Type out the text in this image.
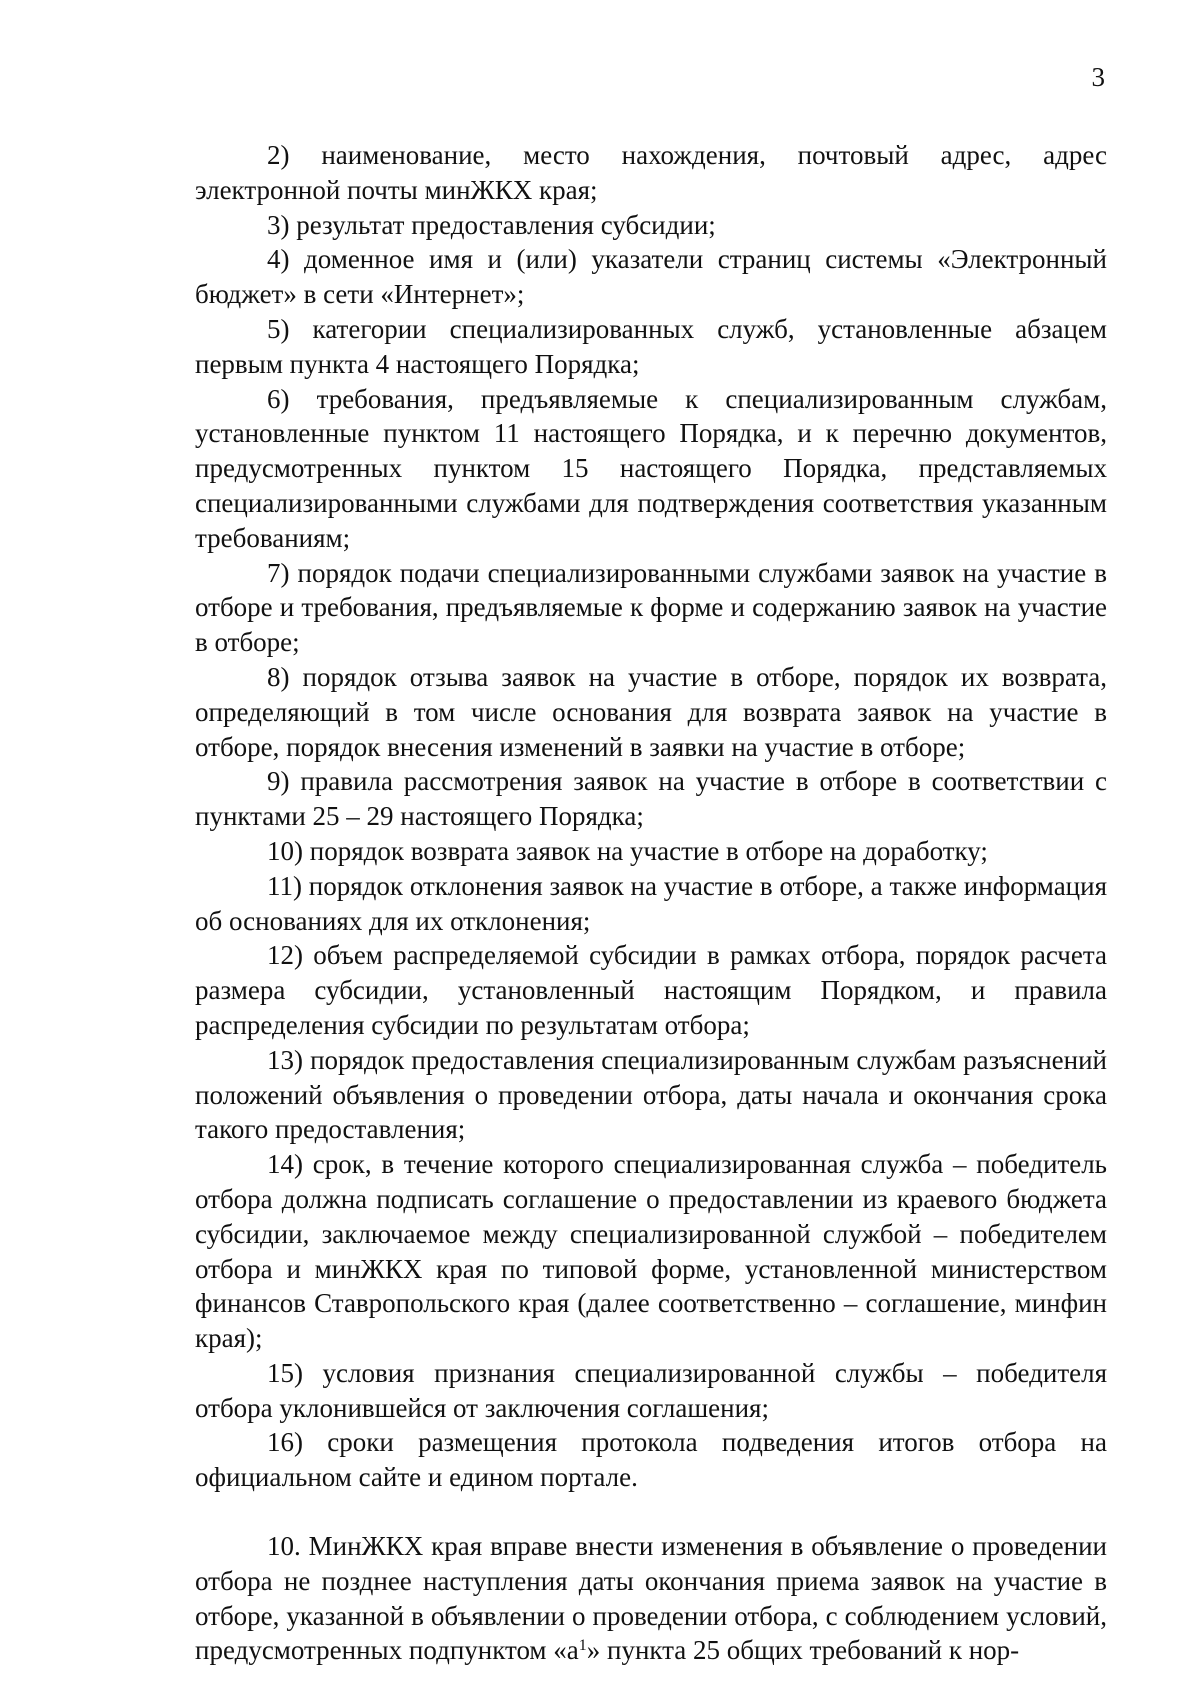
3

2) наименование, место нахождения, почтовый адрес, адрес электронной почты минЖКХ края;

3) результат предоставления субсидии;

4) доменное имя и (или) указатели страниц системы «Электронный бюджет» в сети «Интернет»;

5) категории специализированных служб, установленные абзацем первым пункта 4 настоящего Порядка;

6) требования, предъявляемые к специализированным службам, установленные пунктом 11 настоящего Порядка, и к перечню документов, предусмотренных пунктом 15 настоящего Порядка, представляемых специализированными службами для подтверждения соответствия указанным требованиям;

7) порядок подачи специализированными службами заявок на участие в отборе и требования, предъявляемые к форме и содержанию заявок на участие в отборе;

8) порядок отзыва заявок на участие в отборе, порядок их возврата, определяющий в том числе основания для возврата заявок на участие в отборе, порядок внесения изменений в заявки на участие в отборе;

9) правила рассмотрения заявок на участие в отборе в соответствии с пунктами 25 – 29 настоящего Порядка;

10) порядок возврата заявок на участие в отборе на доработку;

11) порядок отклонения заявок на участие в отборе, а также информация об основаниях для их отклонения;

12) объем распределяемой субсидии в рамках отбора, порядок расчета размера субсидии, установленный настоящим Порядком, и правила распределения субсидии по результатам отбора;

13) порядок предоставления специализированным службам разъяснений положений объявления о проведении отбора, даты начала и окончания срока такого предоставления;

14) срок, в течение которого специализированная служба – победитель отбора должна подписать соглашение о предоставлении из краевого бюджета субсидии, заключаемое между специализированной службой – победителем отбора и минЖКХ края по типовой форме, установленной министерством финансов Ставропольского края (далее соответственно – соглашение, минфин края);

15) условия признания специализированной службы – победителя отбора уклонившейся от заключения соглашения;

16) сроки размещения протокола подведения итогов отбора на официальном сайте и едином портале.

10. МинЖКХ края вправе внести изменения в объявление о проведении отбора не позднее наступления даты окончания приема заявок на участие в отборе, указанной в объявлении о проведении отбора, с соблюдением условий, предусмотренных подпунктом «$а^1$» пункта 25 общих требований к нор-
